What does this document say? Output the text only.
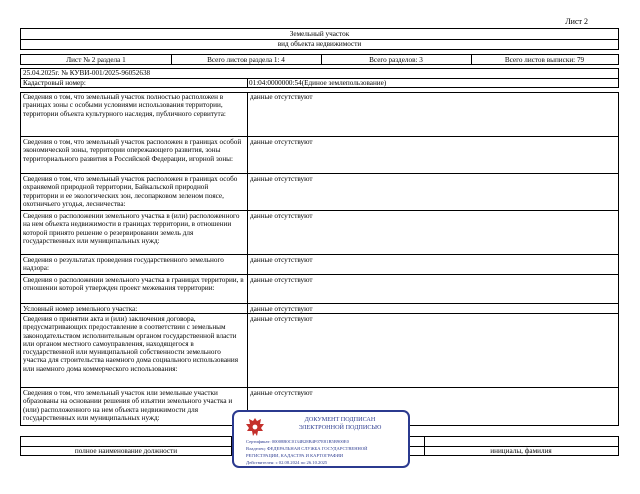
Лист 2
Земельный участок
вид объекта недвижимости
Лист № 2 раздела 1	Всего листов раздела 1: 4	Всего разделов: 3	Всего листов выписки: 79
25.04.2025г. № КУВИ-001/2025-96052638
Кадастровый номер:	01:04:0000000:54(Единое землепользование)
Сведения о том, что земельный участок полностью расположен в границах зоны с особыми условиями использования территории, территории объекта культурного наследия, публичного сервитута:
данные отсутствуют
Сведения о том, что земельный участок расположен в границах особой экономической зоны, территории опережающего развития, зоны территориального развития в Российской Федерации, игорной зоны:
данные отсутствуют
Сведения о том, что земельный участок расположен в границах особо охраняемой природной территории, Байкальской природной территории и ее экологических зон, лесопарковом зеленом поясе, охотничьего угодья, лесничества:
данные отсутствуют
Сведения о расположении земельного участка в (или) расположенного на нем объекта недвижимости в границах территории, в отношении которой принято решение о резервировании земель для государственных или муниципальных нужд:
данные отсутствуют
Сведения о результатах проведения государственного земельного надзора:
данные отсутствуют
Сведения о расположении земельного участка в границах территории, в отношении которой утвержден проект межевания территории:
данные отсутствуют
Условный номер земельного участка:	данные отсутствуют
Сведения о принятии акта и (или) заключения договора, предусматривающих предоставление в соответствии с земельным законодательством исполнительным органом государственной власти или органом местного самоуправления, находящегося в государственной или муниципальной собственности земельного участка для строительства наемного дома социального использования или наемного дома коммерческого использования:
данные отсутствуют
Сведения о том, что земельный участок или земельные участки образованы на основании решения об изъятии земельного участка и (или) расположенного на нем объекта недвижимости для государственных или муниципальных нужд:
данные отсутствуют
полное наименование должности	инициалы, фамилия
ДОКУМЕНТ ПОДПИСАН
ЭЛЕКТРОННОЙ ПОДПИСЬЮ
Сертификат: 00008B0C0134B28B4F07E81B5B900E0
Владелец: ФЕДЕРАЛЬНАЯ СЛУЖБА ГОСУДАРСТВЕННОЙ
РЕГИСТРАЦИИ, КАДАСТРА И КАРТОГРАФИИ
Действителен: с 02.08.2024 по 26.10.2025
